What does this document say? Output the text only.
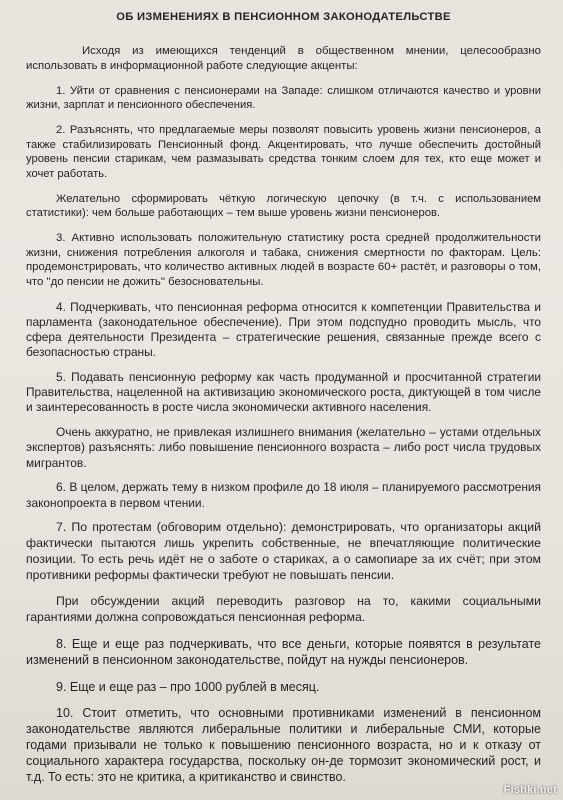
ОБ ИЗМЕНЕНИЯХ В ПЕНСИОННОМ ЗАКОНОДАТЕЛЬСТВЕ

Исходя из имеющихся тенденций в общественном мнении, целесообразно использовать в информационной работе следующие акценты:

1. Уйти от сравнения с пенсионерами на Западе: слишком отличаются качество и уровни жизни, зарплат и пенсионного обеспечения.

2. Разъяснять, что предлагаемые меры позволят повысить уровень жизни пенсионеров, а также стабилизировать Пенсионный фонд. Акцентировать, что лучше обеспечить достойный уровень пенсии старикам, чем размазывать средства тонким слоем для тех, кто еще может и хочет работать.

Желательно сформировать чёткую логическую цепочку (в т.ч. с использованием статистики): чем больше работающих – тем выше уровень жизни пенсионеров.

3. Активно использовать положительную статистику роста средней продолжительности жизни, снижения потребления алкоголя и табака, снижения смертности по факторам. Цель: продемонстрировать, что количество активных людей в возрасте 60+ растёт, и разговоры о том, что "до пенсии не дожить" безосновательны.

4. Подчеркивать, что пенсионная реформа относится к компетенции Правительства и парламента (законодательное обеспечение). При этом подспудно проводить мысль, что сфера деятельности Президента – стратегические решения, связанные прежде всего с безопасностью страны.

5. Подавать пенсионную реформу как часть продуманной и просчитанной стратегии Правительства, нацеленной на активизацию экономического роста, диктующей в том числе и заинтересованность в росте числа экономически активного населения.

Очень аккуратно, не привлекая излишнего внимания (желательно – устами отдельных экспертов) разъяснять: либо повышение пенсионного возраста – либо рост числа трудовых мигрантов.

6. В целом, держать тему в низком профиле до 18 июля – планируемого рассмотрения законопроекта в первом чтении.

7. По протестам (обговорим отдельно): демонстрировать, что организаторы акций фактически пытаются лишь укрепить собственные, не впечатляющие политические позиции. То есть речь идёт не о заботе о стариках, а о самопиаре за их счёт; при этом противники реформы фактически требуют не повышать пенсии.

При обсуждении акций переводить разговор на то, какими социальными гарантиями должна сопровождаться пенсионная реформа.

8. Еще и еще раз подчеркивать, что все деньги, которые появятся в результате изменений в пенсионном законодательстве, пойдут на нужды пенсионеров.

9. Еще и еще раз – про 1000 рублей в месяц.

10. Стоит отметить, что основными противниками изменений в пенсионном законодательстве являются либеральные политики и либеральные СМИ, которые годами призывали не только к повышению пенсионного возраста, но и к отказу от социального характера государства, поскольку он-де тормозит экономический рост, и т.д. То есть: это не критика, а критиканство и свинство.

Fishki.net
